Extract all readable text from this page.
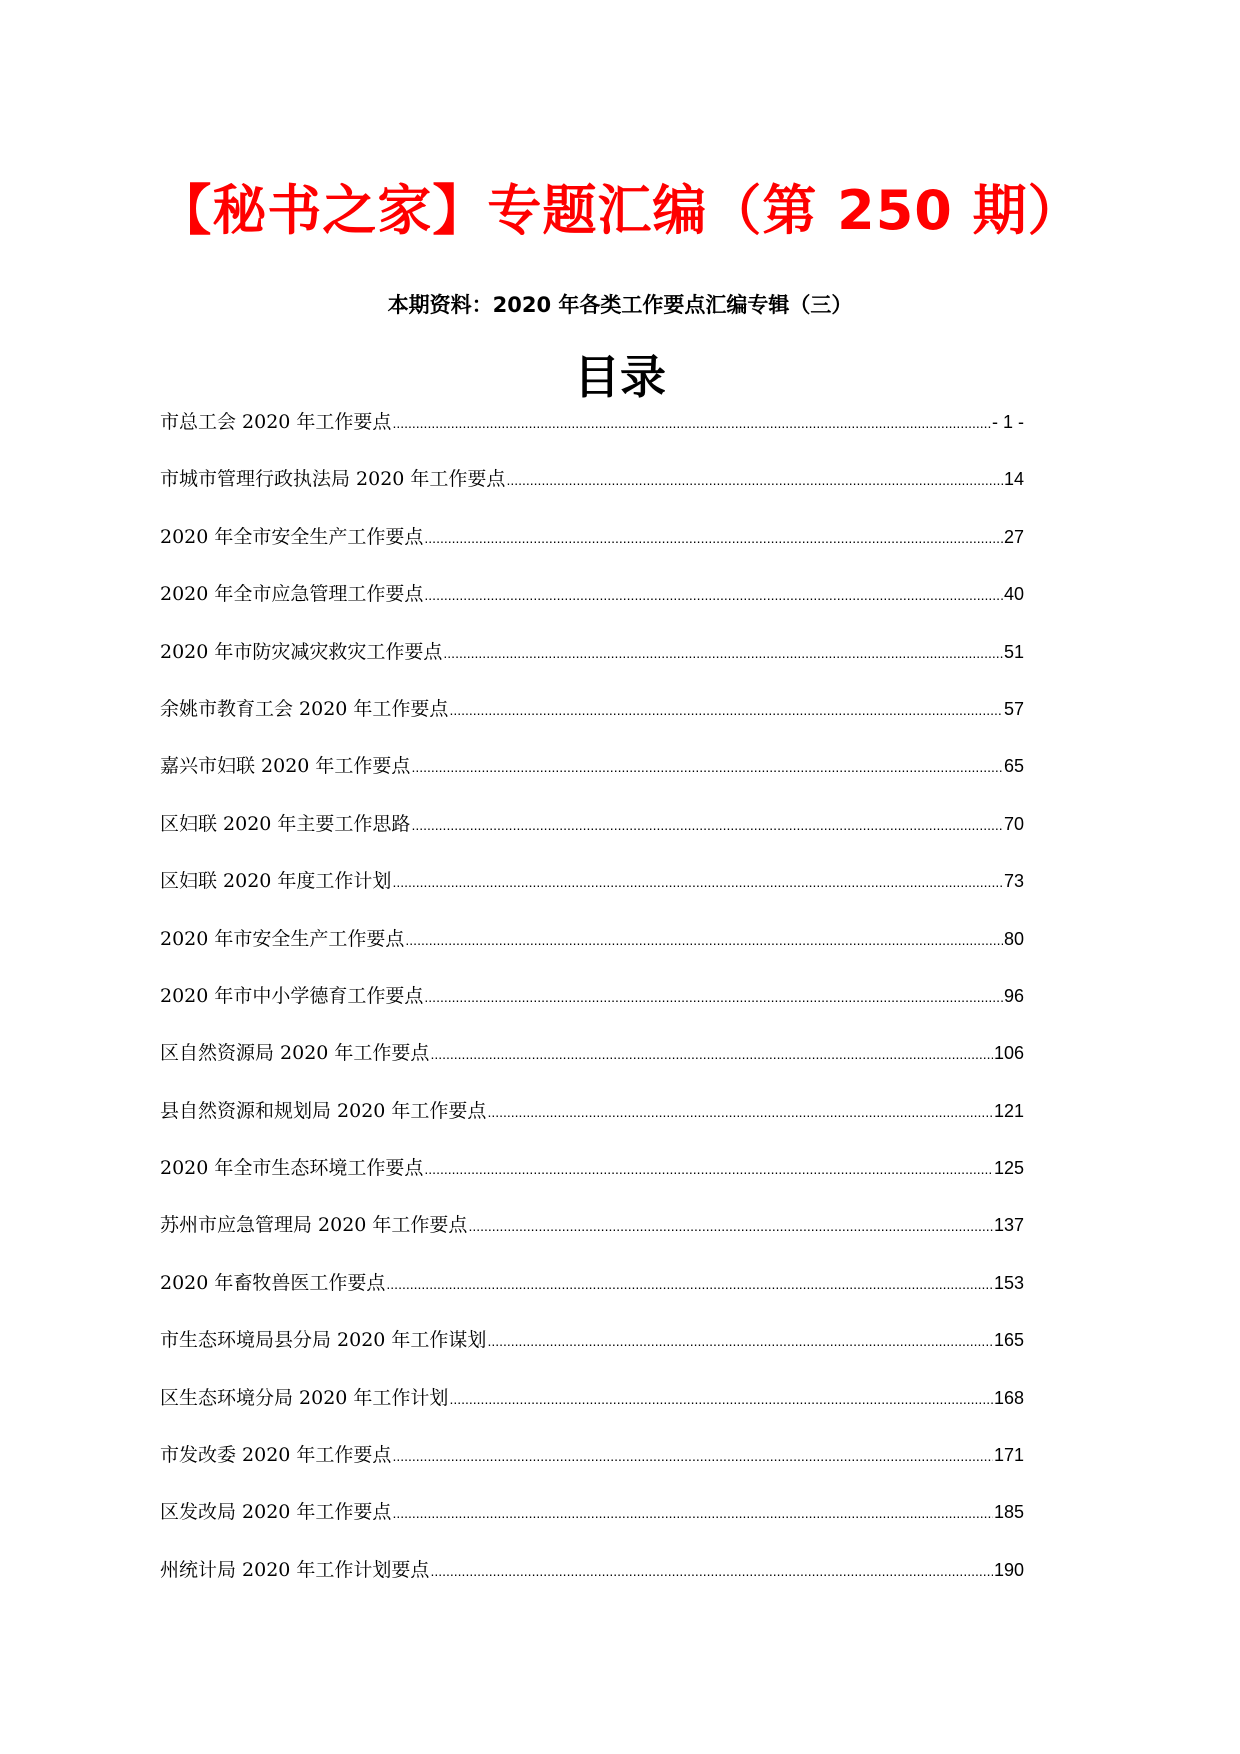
【秘书之家】专题汇编（第 250 期）
本期资料：2020 年各类工作要点汇编专辑（三）
目录
市总工会 2020 年工作要点 .....	- 1 -
市城市管理行政执法局 2020 年工作要点 .....	14
2020 年全市安全生产工作要点 .....	27
2020 年全市应急管理工作要点 .....	40
2020 年市防灾减灾救灾工作要点 .....	51
余姚市教育工会 2020 年工作要点 .....	57
嘉兴市妇联 2020 年工作要点 .....	65
区妇联 2020 年主要工作思路 .....	70
区妇联 2020 年度工作计划 .....	73
2020 年市安全生产工作要点 .....	80
2020 年市中小学德育工作要点 .....	96
区自然资源局 2020 年工作要点 .....	106
县自然资源和规划局 2020 年工作要点 .....	121
2020 年全市生态环境工作要点 .....	125
苏州市应急管理局 2020 年工作要点 .....	137
2020 年畜牧兽医工作要点 .....	153
市生态环境局县分局 2020 年工作谋划 .....	165
区生态环境分局 2020 年工作计划 .....	168
市发改委 2020 年工作要点 .....	171
区发改局 2020 年工作要点 .....	185
州统计局 2020 年工作计划要点 .....	190
